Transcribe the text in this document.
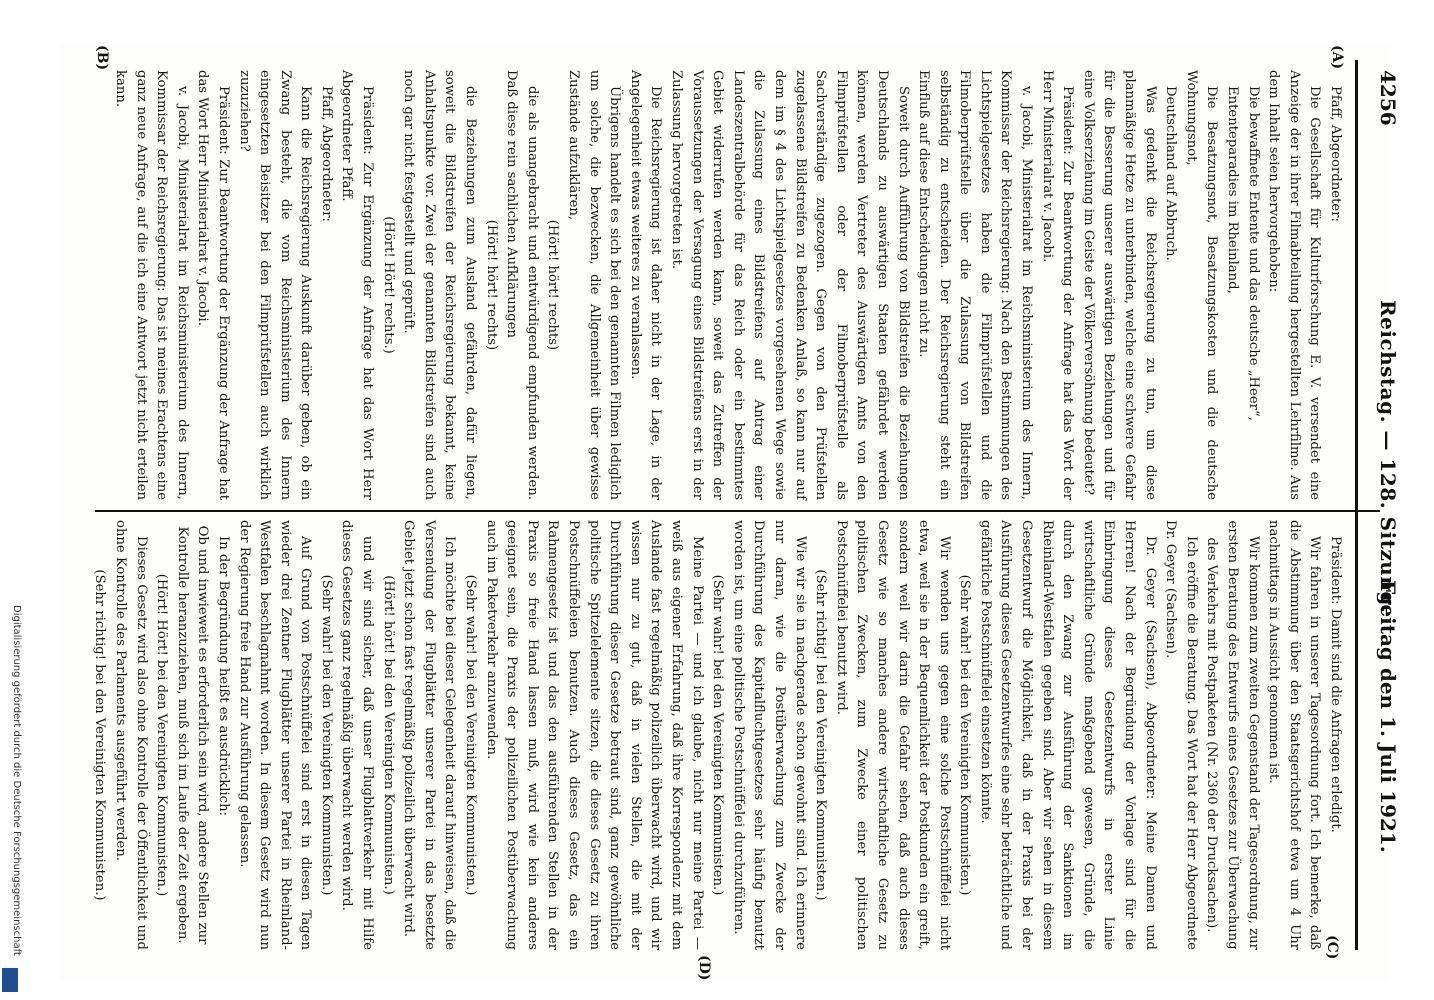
4256
Reichstag. — 128. Sitzung.
Freitag den 1. Juli 1921.
(A)
(C)
(B)
(D)

Pfaff, Abgeordneter:

Die Gesellschaft für Kulturforschung E. V. versendet eine Anzeige der in ihrer Filmabteilung hergestellten Lehrfilme. Aus dem Inhalt seien hervorgehoben:

Die bewaffnete Entente und das deutsche „Heer“,

Ententeparadies im Rheinland,

Die Besatzungsnot, Besatzungskosten und die deutsche Wohnungsnot,

Deutschland auf Abbruch.

Was gedenkt die Reichsregierung zu tun, um diese planmäßige Hetze zu unterbinden, welche eine schwere Gefahr für die Besserung unserer auswärtigen Beziehungen und für eine Volkserziehung im Geiste der Völkerversöhnung bedeutet?

Präsident: Zur Beantwortung der Anfrage hat das Wort der Herr Ministerialrat v. Jacobi.

v. Jacobi, Ministerialrat im Reichsministerium des Innern, Kommissar der Reichsregierung: Nach den Bestimmungen des Lichtspielgesetzes haben die Filmprüfstellen und die Filmoberprüfstelle über die Zulassung von Bildstreifen selbständig zu entscheiden. Der Reichsregierung steht ein Einfluß auf diese Entscheidungen nicht zu.

Soweit durch Aufführung von Bildstreifen die Beziehungen Deutschlands zu auswärtigen Staaten gefährdet werden können, werden Vertreter des Auswärtigen Amts von den Filmprüfstellen oder der Filmoberprüfstelle als Sachverständige zugezogen. Gegen von den Prüfstellen zugelassene Bildstreifen zu Bedenken Anlaß, so kann nur auf dem im § 4 des Lichtspielgesetzes vorgesehenen Wege sowie die Zulassung eines Bildstreifens auf Antrag einer Landeszentralbehörde für das Reich oder ein bestimmtes Gebiet widerrufen werden kann, soweit das Zutreffen der Voraussetzungen der Versagung eines Bildstreifens erst in der Zulassung hervorgetreten ist.

Die Reichsregierung ist daher nicht in der Lage, in der Angelegenheit etwas weiteres zu veranlassen.

Übrigens handelt es sich bei den genannten Filmen lediglich um solche, die bezwecken, die Allgemeinheit über gewisse Zustände aufzuklären,

(Hört! hört! rechts)

die als unangebracht und entwürdigend empfunden werden. Daß diese rein sachlichen Aufklärungen

(Hört! hört! rechts)

die Beziehungen zum Ausland gefährden, dafür liegen, soweit die Bildstreifen der Reichsregierung bekannt, keine Anhaltspunkte vor. Zwei der genannten Bildstreifen sind auch noch gar nicht festgestellt und geprüft.

(Hört! Hört! rechts.)

Präsident: Zur Ergänzung der Anfrage hat das Wort Herr Abgeordneter Pfaff.

Pfaff, Abgeordneter:

Kann die Reichsregierung Auskunft darüber geben, ob ein Zwang besteht, die vom Reichsministerium des Innern eingesetzten Beisitzer bei den Filmprüfstellen auch wirklich zuzuziehen?

Präsident: Zur Beantwortung der Ergänzung der Anfrage hat das Wort Herr Ministerialrat v. Jacobi.

v. Jacobi, Ministerialrat im Reichsministerium des Innern, Kommissar der Reichsregierung: Das ist meines Erachtens eine ganz neue Anfrage, auf die ich eine Antwort jetzt nicht erteilen kann.

Präsident: Damit sind die Anfragen erledigt.

Wir fahren in unserer Tagesordnung fort. Ich bemerke, daß die Abstimmung über den Staatsgerichtshof etwa um 4 Uhr nachmittags in Aussicht genommen ist.

Wir kommen zum zweiten Gegenstand der Tagesordnung, zur

ersten Beratung des Entwurfs eines Gesetzes zur Überwachung des Verkehrs mit Postpaketen (Nr. 2360 der Drucksachen).

Ich eröffne die Beratung. Das Wort hat der Herr Abgeordnete Dr. Geyer (Sachsen).

Dr. Geyer (Sachsen), Abgeordneter: Meine Damen und Herren! Nach der Begründung der Vorlage sind für die Einbringung dieses Gesetzentwurfs in erster Linie wirtschaftliche Gründe maßgebend gewesen, Gründe, die durch den Zwang zur Ausführung der Sanktionen im Rheinland-Westfalen gegeben sind. Aber wir sehen in diesem Gesetzentwurf die Möglichkeit, daß in der Praxis bei der Ausführung dieses Gesetzentwurfes eine sehr beträchtliche und gefährliche Postschnüffelei einsetzen könnte.

(Sehr wahr! bei den Vereinigten Kommunisten.)

Wir wenden uns gegen eine solche Postschnüffelei nicht etwa, weil sie in der Bequemlichkeit der Postkunden ein greift, sondern weil wir darin die Gefahr sehen, daß auch dieses Gesetz wie so manches andere wirtschaftliche Gesetz zu politischen Zwecken, zum Zwecke einer politischen Postschnüffelei benutzt wird.

(Sehr richtig! bei den Vereinigten Kommunisten.)

Wie wir sie in nachgerade schon gewohnt sind. Ich erinnere nur daran, wie die Postüberwachung zum Zwecke der Durchführung des Kapitalfluchtgesetzes sehr häufig benutzt worden ist, um eine politische Postschnüffelei durchzuführen.

(Sehr wahr! bei den Vereinigten Kommunisten.)

Meine Partei — und ich glaube, nicht nur meine Partei — weiß aus eigener Erfahrung, daß ihre Korrespondenz mit dem Auslande fast regelmäßig polizeilich überwacht wird, und wir wissen nur zu gut, daß in vielen Stellen, die mit der Durchführung dieser Gesetze betraut sind, ganz gewöhnliche politische Spitzelelemente sitzen, die dieses Gesetz zu ihren Postschnüffeleien benutzen. Auch dieses Gesetz, das ein Rahmengesetz ist und das den ausführenden Stellen in der Praxis so freie Hand lassen muß, wird wie kein anderes geeignet sein, die Praxis der polizeilichen Postüberwachung auch im Paketverkehr anzuwenden.

(Sehr wahr! bei den Vereinigten Kommunisten.)

Ich möchte bei dieser Gelegenheit darauf hinweisen, daß die Versendung der Flugblätter unserer Partei in das besetzte Gebiet jetzt schon fast regelmäßig polizeilich überwacht wird.

(Hört! hört! bei den Vereinigten Kommunisten.)

und wir sind sicher, daß unser Flugblattverkehr mit Hilfe dieses Gesetzes ganz regelmäßig überwacht werden wird.

(Sehr wahr! bei den Vereinigten Kommunisten.)

Auf Grund von Postschnüffelei sind erst in diesen Tagen wieder drei Zentner Flugblätter unserer Partei in Rheinland-Westfalen beschlagnahmt worden. In diesem Gesetz wird nun der Regierung freie Hand zur Ausführung gelassen.

In der Begründung heißt es ausdrücklich:

Ob und inwieweit es erforderlich sein wird, andere Stellen zur Kontrolle heranzuziehen, muß sich im Laufe der Zeit ergeben.

(Hört! Hört! bei den Vereinigten Kommunisten.)

Dieses Gesetz wird also ohne Kontrolle der Öffentlichkeit und ohne Kontrolle des Parlaments ausgeführt werden.

(Sehr richtig! bei den Vereinigten Kommunisten.)

Digitalisierung gefördert durch die Deutsche Forschungsgemeinschaft
